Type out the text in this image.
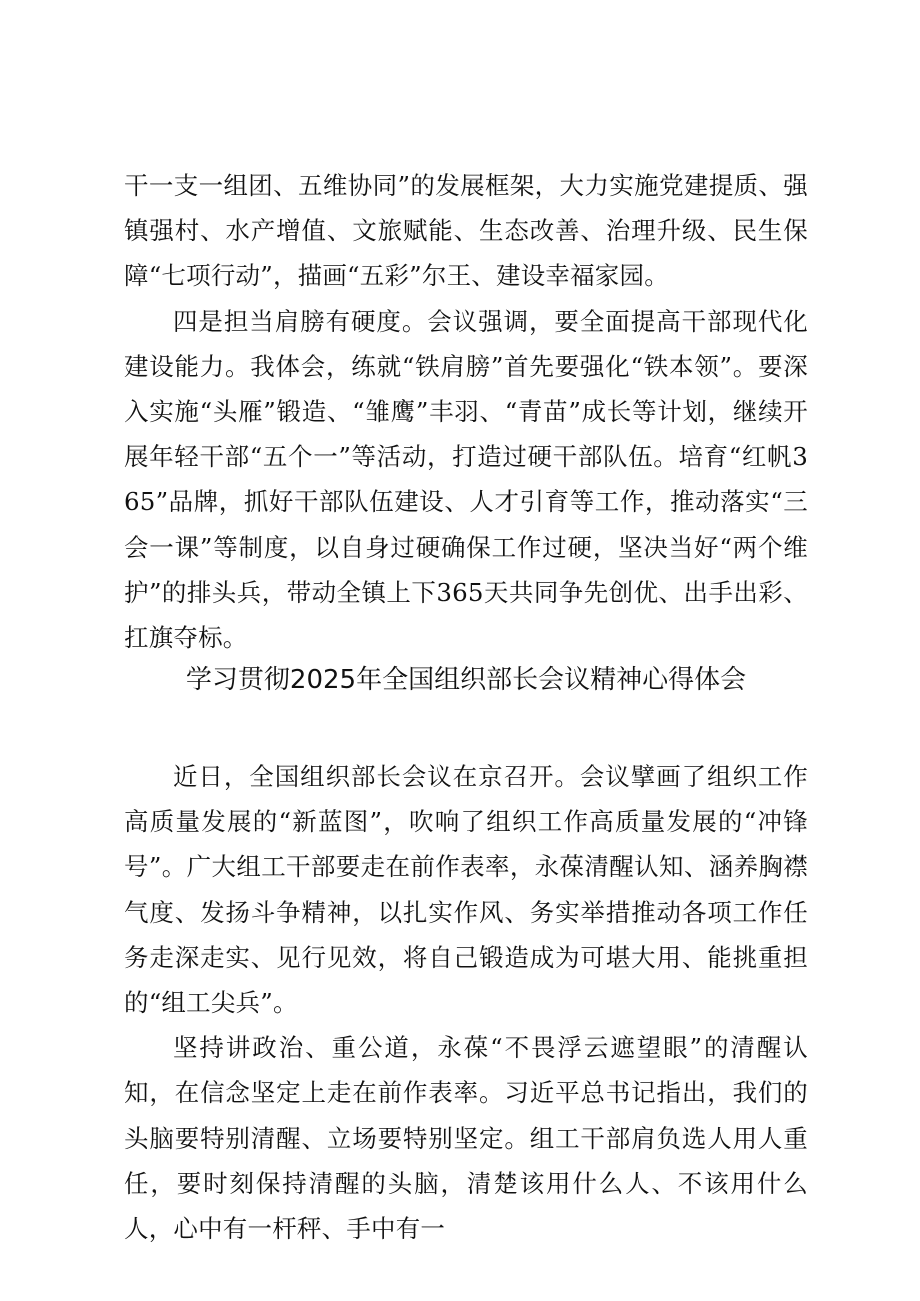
干一支一组团、五维协同”的发展框架，大力实施党建提质、强镇强村、水产增值、文旅赋能、生态改善、治理升级、民生保障“七项行动”，描画“五彩”尔王、建设幸福家园。

四是担当肩膀有硬度。会议强调，要全面提高干部现代化建设能力。我体会，练就“铁肩膀”首先要强化“铁本领”。要深入实施“头雁”锻造、“雏鹰”丰羽、“青苗”成长等计划，继续开展年轻干部“五个一”等活动，打造过硬干部队伍。培育“红帆365”品牌，抓好干部队伍建设、人才引育等工作，推动落实“三会一课”等制度，以自身过硬确保工作过硬，坚决当好“两个维护”的排头兵，带动全镇上下365天共同争先创优、出手出彩、扛旗夺标。

学习贯彻2025年全国组织部长会议精神心得体会

近日，全国组织部长会议在京召开。会议擘画了组织工作高质量发展的“新蓝图”，吹响了组织工作高质量发展的“冲锋号”。广大组工干部要走在前作表率，永葆清醒认知、涵养胸襟气度、发扬斗争精神，以扎实作风、务实举措推动各项工作任务走深走实、见行见效，将自己锻造成为可堪大用、能挑重担的“组工尖兵”。

坚持讲政治、重公道，永葆“不畏浮云遮望眼”的清醒认知，在信念坚定上走在前作表率。习近平总书记指出，我们的头脑要特别清醒、立场要特别坚定。组工干部肩负选人用人重任，要时刻保持清醒的头脑，清楚该用什么人、不该用什么人，心中有一杆秤、手中有一
